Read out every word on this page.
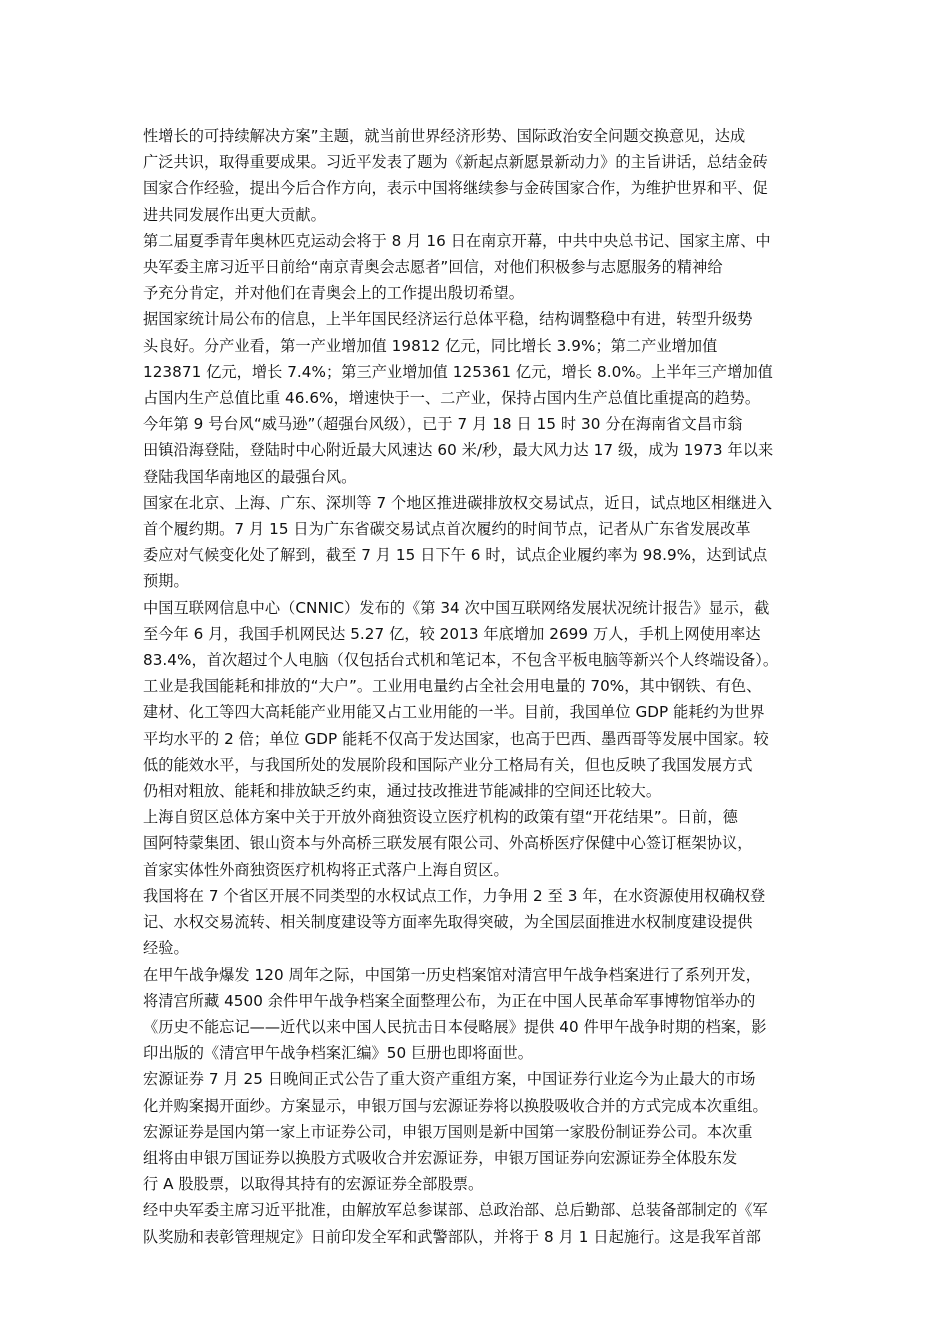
性增长的可持续解决方案”主题，就当前世界经济形势、国际政治安全问题交换意见，达成
广泛共识，取得重要成果。习近平发表了题为《新起点新愿景新动力》的主旨讲话，总结金砖
国家合作经验，提出今后合作方向，表示中国将继续参与金砖国家合作，为维护世界和平、促
进共同发展作出更大贡献。
第二届夏季青年奥林匹克运动会将于 8 月 16 日在南京开幕，中共中央总书记、国家主席、中
央军委主席习近平日前给“南京青奥会志愿者”回信，对他们积极参与志愿服务的精神给
予充分肯定，并对他们在青奥会上的工作提出殷切希望。
据国家统计局公布的信息，上半年国民经济运行总体平稳，结构调整稳中有进，转型升级势
头良好。分产业看，第一产业增加值 19812 亿元，同比增长 3.9%；第二产业增加值
123871 亿元，增长 7.4%；第三产业增加值 125361 亿元，增长 8.0%。上半年三产增加值
占国内生产总值比重 46.6%，增速快于一、二产业，保持占国内生产总值比重提高的趋势。
今年第 9 号台风“威马逊”（超强台风级），已于 7 月 18 日 15 时 30 分在海南省文昌市翁
田镇沿海登陆，登陆时中心附近最大风速达 60 米/秒，最大风力达 17 级，成为 1973 年以来
登陆我国华南地区的最强台风。
国家在北京、上海、广东、深圳等 7 个地区推进碳排放权交易试点，近日，试点地区相继进入
首个履约期。7 月 15 日为广东省碳交易试点首次履约的时间节点，记者从广东省发展改革
委应对气候变化处了解到，截至 7 月 15 日下午 6 时，试点企业履约率为 98.9%，达到试点
预期。
中国互联网信息中心（CNNIC）发布的《第 34 次中国互联网络发展状况统计报告》显示，截
至今年 6 月，我国手机网民达 5.27 亿，较 2013 年底增加 2699 万人，手机上网使用率达
83.4%，首次超过个人电脑（仅包括台式机和笔记本，不包含平板电脑等新兴个人终端设备）。
工业是我国能耗和排放的“大户”。工业用电量约占全社会用电量的 70%，其中钢铁、有色、
建材、化工等四大高耗能产业用能又占工业用能的一半。目前，我国单位 GDP 能耗约为世界
平均水平的 2 倍；单位 GDP 能耗不仅高于发达国家，也高于巴西、墨西哥等发展中国家。较
低的能效水平，与我国所处的发展阶段和国际产业分工格局有关，但也反映了我国发展方式
仍相对粗放、能耗和排放缺乏约束，通过技改推进节能减排的空间还比较大。
上海自贸区总体方案中关于开放外商独资设立医疗机构的政策有望“开花结果”。日前，德
国阿特蒙集团、银山资本与外高桥三联发展有限公司、外高桥医疗保健中心签订框架协议，
首家实体性外商独资医疗机构将正式落户上海自贸区。
我国将在 7 个省区开展不同类型的水权试点工作，力争用 2 至 3 年，在水资源使用权确权登
记、水权交易流转、相关制度建设等方面率先取得突破，为全国层面推进水权制度建设提供
经验。
在甲午战争爆发 120 周年之际，中国第一历史档案馆对清宫甲午战争档案进行了系列开发，
将清宫所藏 4500 余件甲午战争档案全面整理公布，为正在中国人民革命军事博物馆举办的
《历史不能忘记——近代以来中国人民抗击日本侵略展》提供 40 件甲午战争时期的档案，影
印出版的《清宫甲午战争档案汇编》50 巨册也即将面世。
宏源证券 7 月 25 日晚间正式公告了重大资产重组方案，中国证券行业迄今为止最大的市场
化并购案揭开面纱。方案显示，申银万国与宏源证券将以换股吸收合并的方式完成本次重组。
宏源证券是国内第一家上市证券公司，申银万国则是新中国第一家股份制证券公司。本次重
组将由申银万国证券以换股方式吸收合并宏源证券，申银万国证券向宏源证券全体股东发
行 A 股股票，以取得其持有的宏源证券全部股票。
经中央军委主席习近平批准，由解放军总参谋部、总政治部、总后勤部、总装备部制定的《军
队奖励和表彰管理规定》日前印发全军和武警部队，并将于 8 月 1 日起施行。这是我军首部
